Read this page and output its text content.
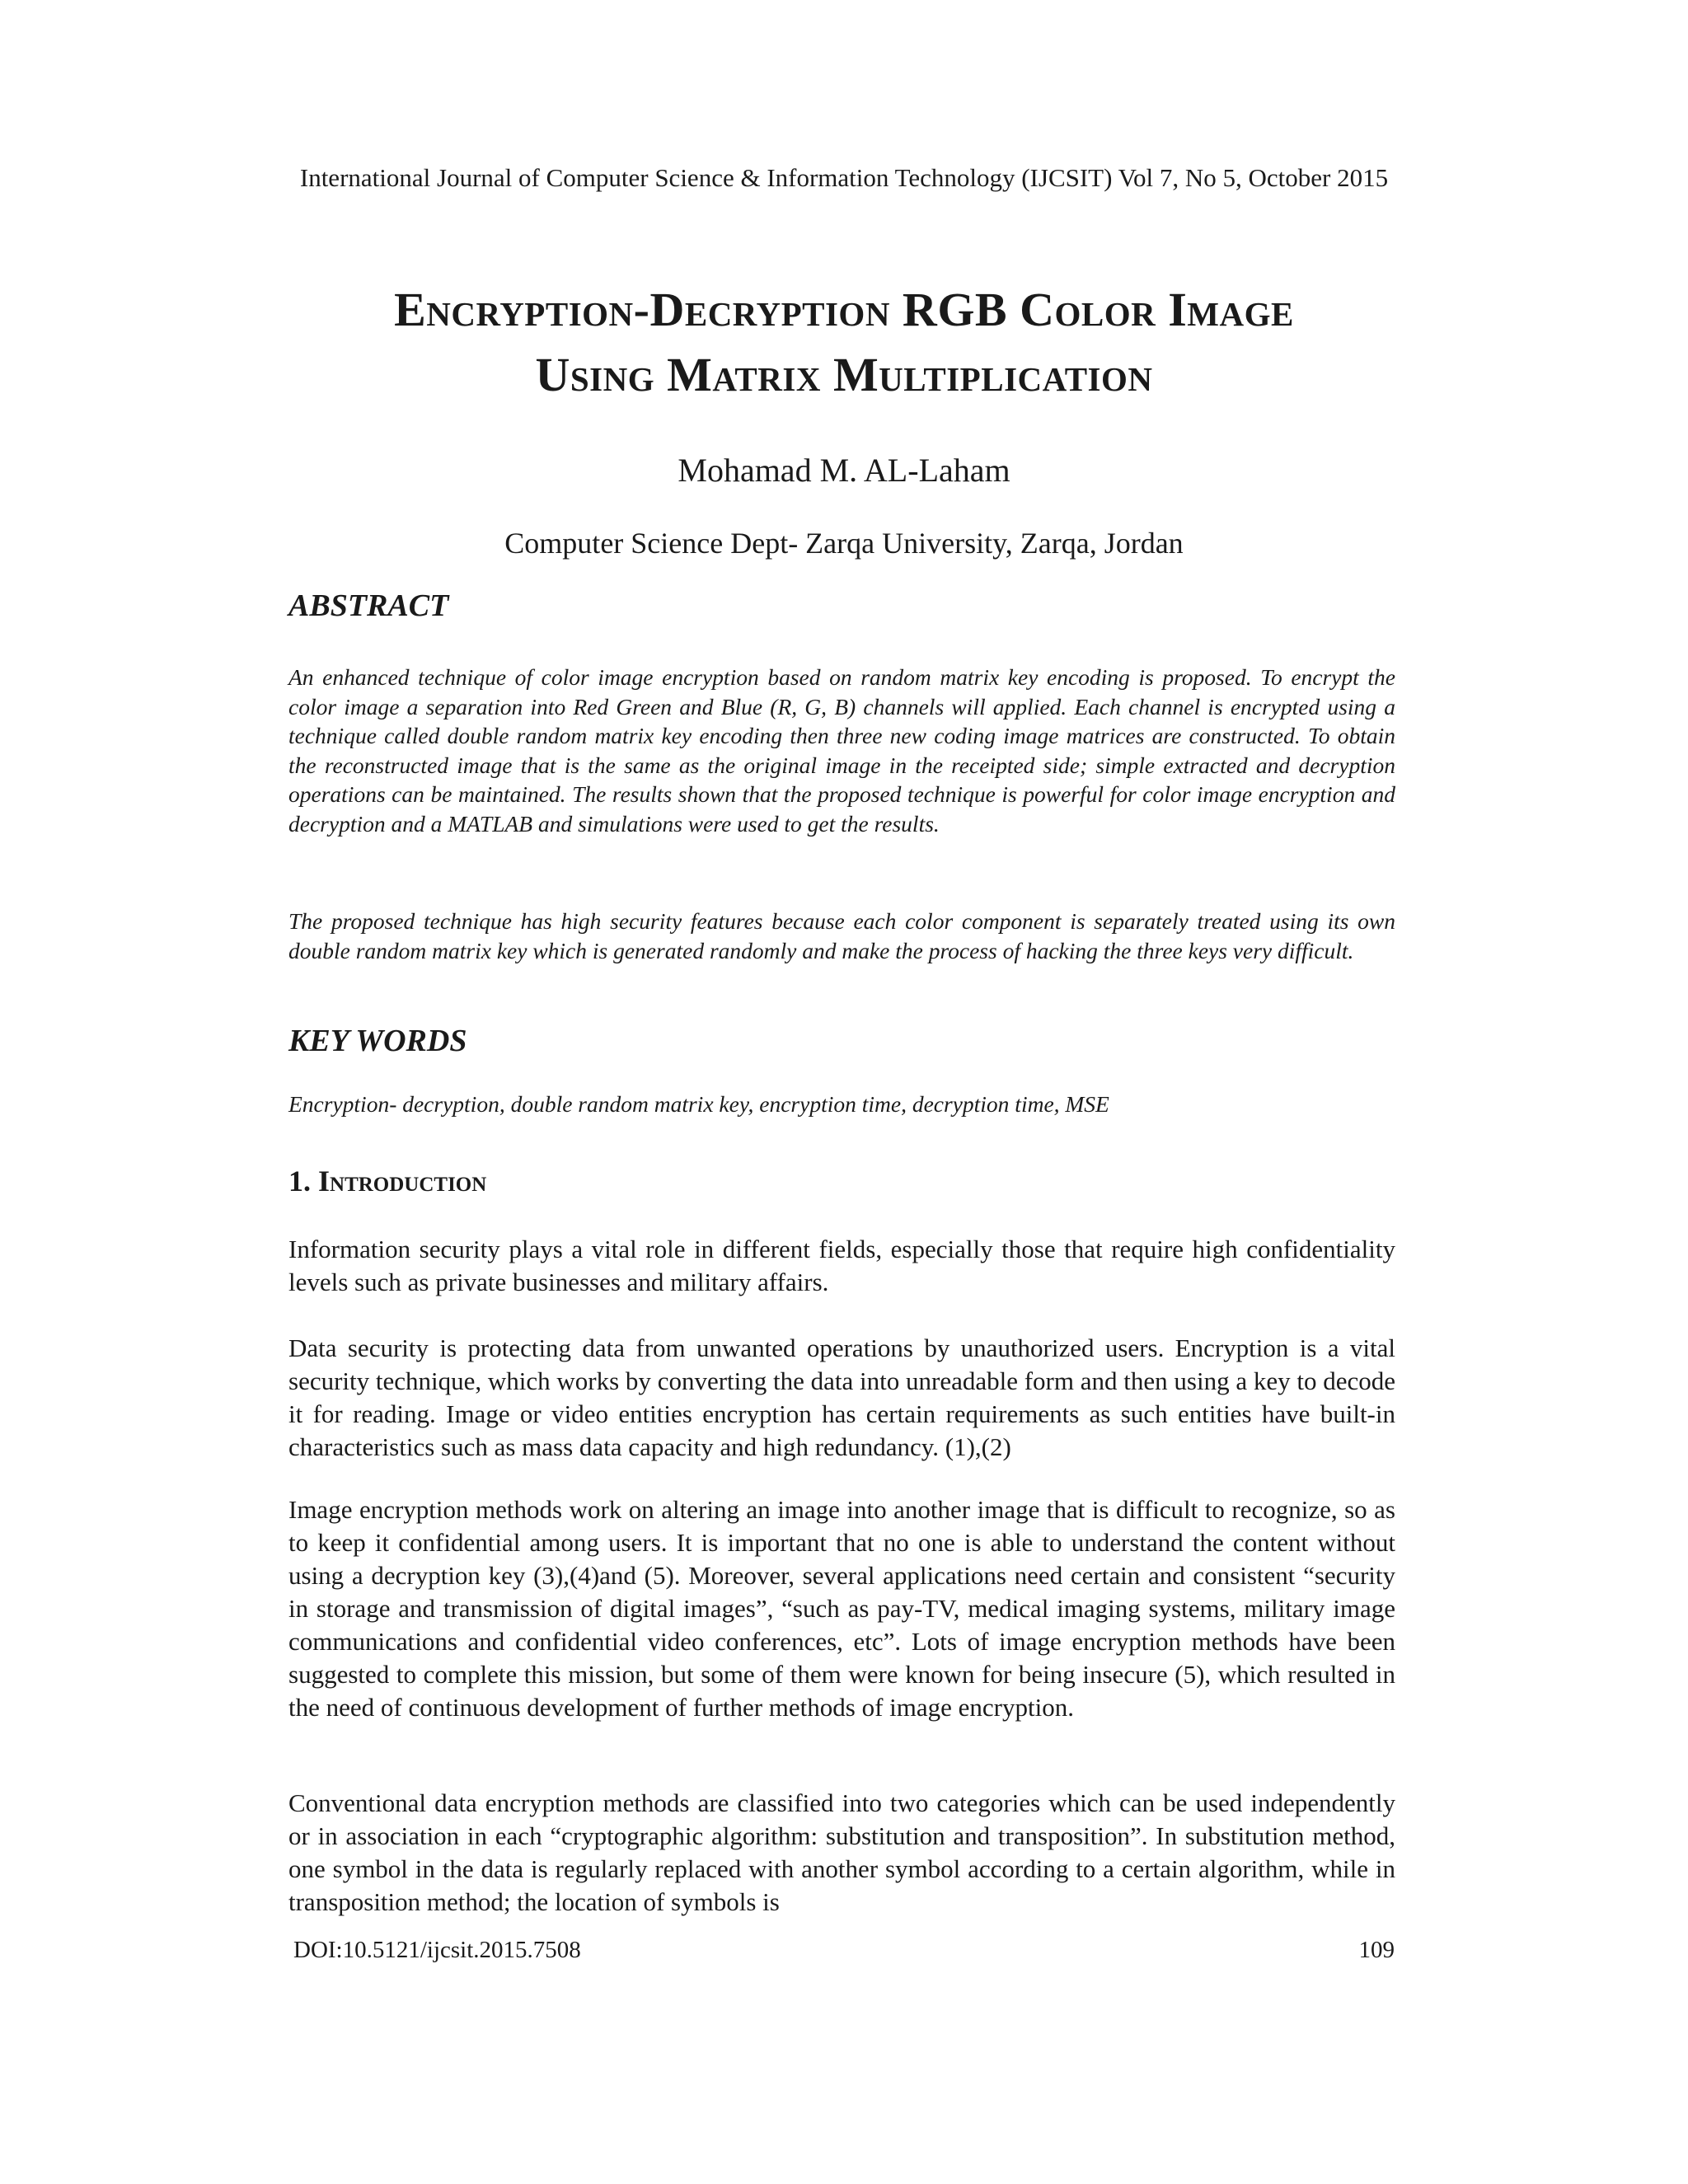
International Journal of Computer Science & Information Technology (IJCSIT) Vol 7, No 5, October 2015
Encryption-Decryption RGB Color Image
Using Matrix Multiplication
Mohamad M. AL-Laham
Computer Science Dept- Zarqa University, Zarqa, Jordan
ABSTRACT
An enhanced technique of color image encryption based on random matrix key encoding is proposed. To encrypt the color image a separation into Red Green and Blue (R, G, B) channels will applied. Each channel is encrypted using a technique called double random matrix key encoding then three new coding image matrices are constructed. To obtain the reconstructed image that is the same as the original image in the receipted side; simple extracted and decryption operations can be maintained. The results shown that the proposed technique is powerful for color image encryption and decryption and a MATLAB and simulations were used to get the results.
The proposed technique has high security features because each color component is separately treated using its own double random matrix key which is generated randomly and make the process of hacking the three keys very difficult.
KEY WORDS
Encryption- decryption, double random matrix key, encryption time, decryption time, MSE
1. Introduction
Information security plays a vital role in different fields, especially those that require high confidentiality levels such as private businesses and military affairs.
Data security is protecting data from unwanted operations by unauthorized users. Encryption is a vital security technique, which works by converting the data into unreadable form and then using a key to decode it for reading. Image or video entities encryption has certain requirements as such entities have built-in characteristics such as mass data capacity and high redundancy. (1),(2)
Image encryption methods work on altering an image into another image that is difficult to recognize, so as to keep it confidential among users. It is important that no one is able to understand the content without using a decryption key (3),(4)and (5). Moreover, several applications need certain and consistent “security in storage and transmission of digital images”, “such as pay-TV, medical imaging systems, military image communications and confidential video conferences, etc”. Lots of image encryption methods have been suggested to complete this mission, but some of them were known for being insecure (5), which resulted in the need of continuous development of further methods of image encryption.
Conventional data encryption methods are classified into two categories which can be used independently or in association in each “cryptographic algorithm: substitution and transposition”. In substitution method, one symbol in the data is regularly replaced with another symbol according to a certain algorithm, while in transposition method; the location of symbols is
DOI:10.5121/ijcsit.2015.7508	109
